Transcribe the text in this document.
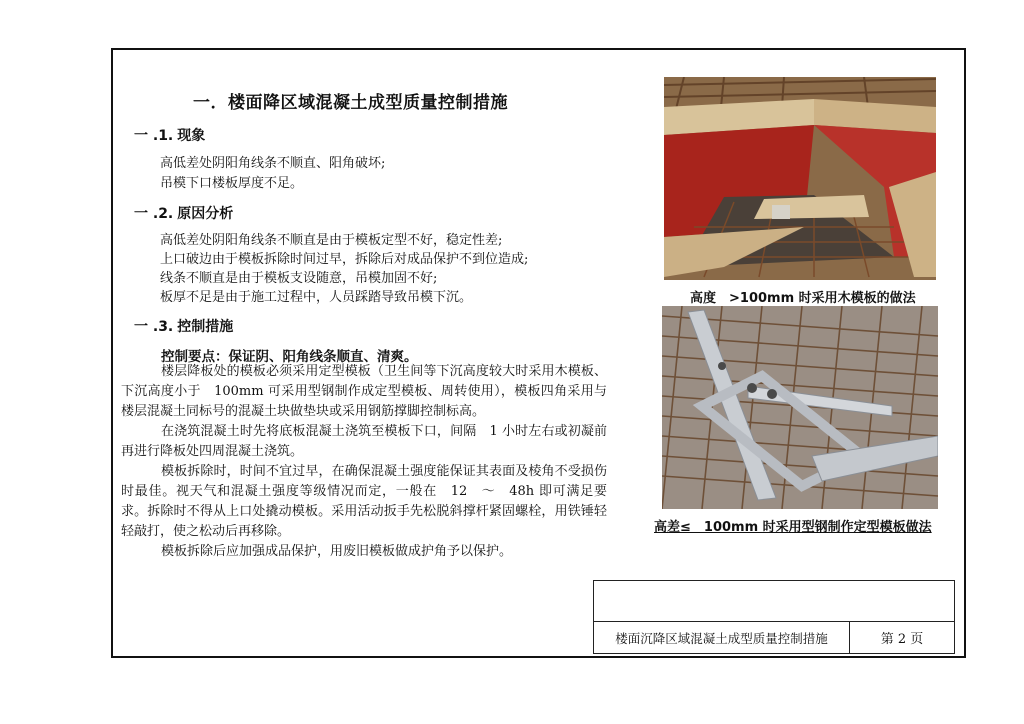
一．楼面降区域混凝土成型质量控制措施
一 .1. 现象

高低差处阴阳角线条不顺直、阳角破坏;

吊模下口楼板厚度不足。

一 .2. 原因分析

高低差处阴阳角线条不顺直是由于模板定型不好，稳定性差;

上口破边由于模板拆除时间过早，拆除后对成品保护不到位造成;

线条不顺直是由于模板支设随意，吊模加固不好;

板厚不足是由于施工过程中，人员踩踏导致吊模下沉。

一 .3. 控制措施

控制要点：保证阴、阳角线条顺直、清爽。

楼层降板处的模板必须采用定型模板（卫生间等下沉高度较大时采用木模板、下沉高度小于　100mm 可采用型钢制作成定型模板、周转使用），模板四角采用与楼层混凝土同标号的混凝土块做垫块或采用钢筋撑脚控制标高。

在浇筑混凝土时先将底板混凝土浇筑至模板下口，间隔　1 小时左右或初凝前再进行降板处四周混凝土浇筑。

模板拆除时，时间不宜过早，在确保混凝土强度能保证其表面及棱角不受损伤时最佳。视天气和混凝土强度等级情况而定，一般在　12　～　48h 即可满足要求。拆除时不得从上口处撬动模板。采用活动扳手先松脱斜撑杆紧固螺栓，用铁锤轻轻敲打，使之松动后再移除。

模板拆除后应加强成品保护，用废旧模板做成护角予以保护。

高度　>100mm 时采用木模板的做法

高差≤　100mm 时采用型钢制作定型模板做法

楼面沉降区域混凝土成型质量控制措施	第 2 页
